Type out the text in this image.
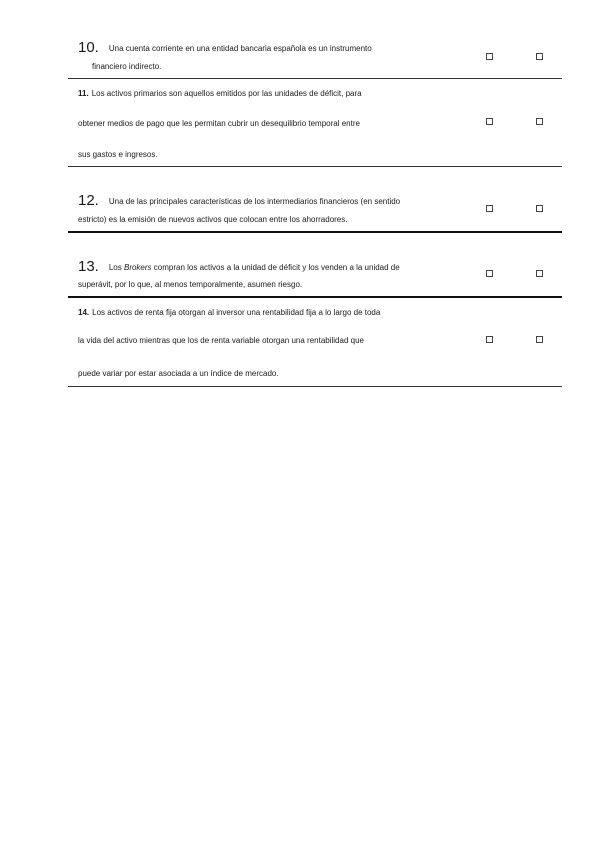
10. Una cuenta corriente en una entidad bancaria española es un instrumento
financiero indirecto.
11. Los activos primarios son aquellos emitidos por las unidades de déficit, para
obtener medios de pago que les permitan cubrir un desequilibrio temporal entre
sus gastos e ingresos.
12. Una de las principales características de los intermediarios financieros (en sentido
estricto) es la emisión de nuevos activos que colocan entre los ahorradores.
13. Los Brokers compran los activos a la unidad de déficit y los venden a la unidad de
superávit, por lo que, al menos temporalmente, asumen riesgo.
14. Los activos de renta fija otorgan al inversor una rentabilidad fija a lo largo de toda
la vida del activo mientras que los de renta variable otorgan una rentabilidad que
puede variar por estar asociada a un índice de mercado.
